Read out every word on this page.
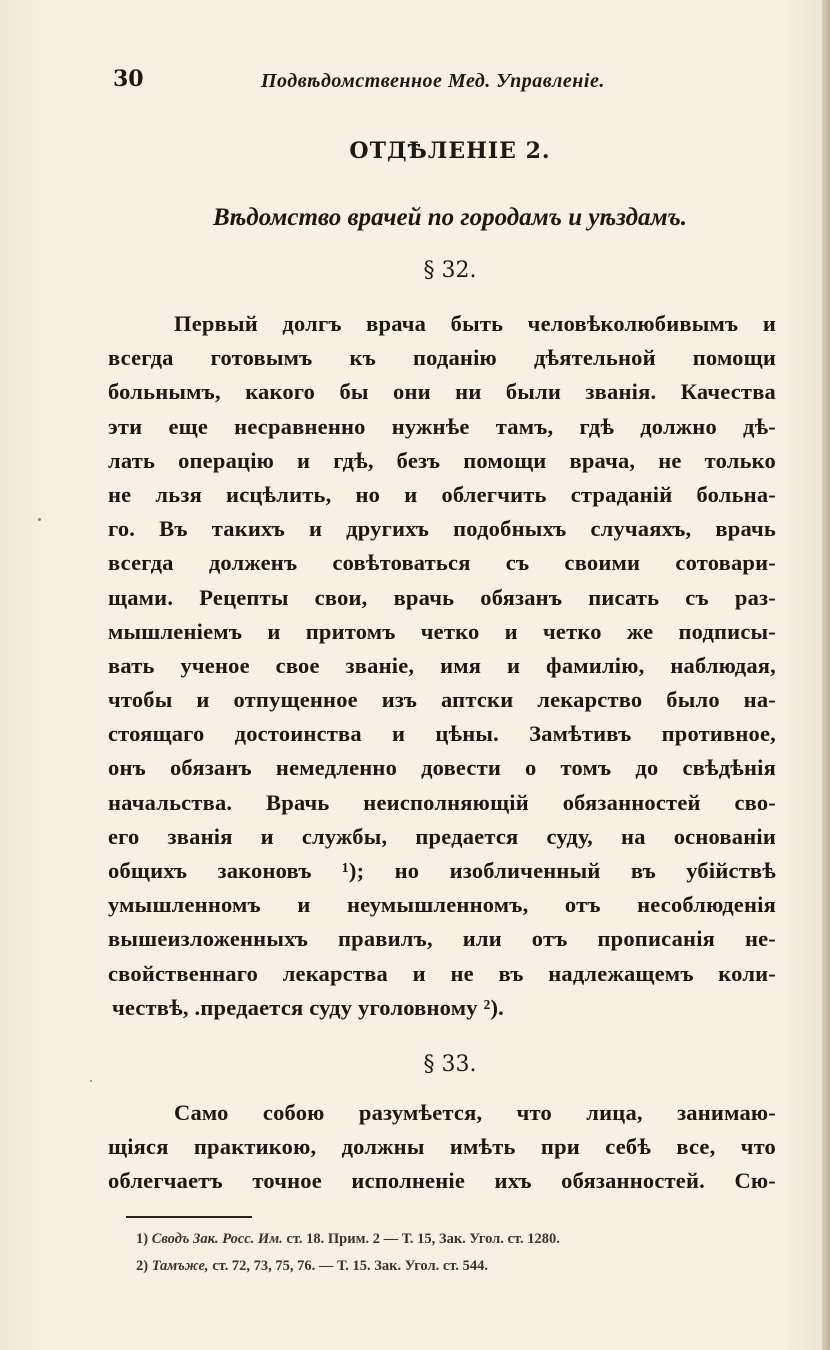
30	Подвѣдомственное Мед. Управленіе.
ОТДѢЛЕНІЕ 2.
Вѣдомство врачей по городамъ и уѣздамъ.
§ 32.
Первый долгъ врача быть человѣколюбивымъ и
всегда готовымъ къ поданію дѣятельной помощи
больнымъ, какого бы они ни были званія. Качества
эти еще несравненно нужнѣе тамъ, гдѣ должно дѣ-
лать операцію и гдѣ, безъ помощи врача, не только
не льзя исцѣлить, но и облегчить страданій больна-
го. Въ такихъ и другихъ подобныхъ случаяхъ, врачь
всегда долженъ совѣтоваться съ своими сотовари-
щами. Рецепты свои, врачь обязанъ писать съ раз-
мышленіемъ и притомъ четко и четко же подписы-
вать ученое свое званіе, имя и фамилію, наблюдая,
чтобы и отпущенное изъ аптски лекарство было на-
стоящаго достоинства и цѣны. Замѣтивъ противное,
онъ обязанъ немедленно довести о томъ до свѣдѣнія
начальства. Врачь неисполняющій обязанностей сво-
его званія и службы, предается суду, на основаніи
общихъ законовъ ¹); но изобличенный въ убійствѣ
умышленномъ и неумышленномъ, отъ несоблюденія
вышеизложенныхъ правилъ, или отъ прописанія не-
свойственнаго лекарства и не въ надлежащемъ коли-
чествѣ, .предается суду уголовному ²).
§ 33.
Само собою разумѣется, что лица, занимаю-
щіяся практикою, должны имѣть при себѣ все, что
облегчаетъ точное исполненіе ихъ обязанностей. Сю-
1) Сводъ Зак. Росс. Им. ст. 18. Прим. 2 — Т. 15, Зак. Угол. ст. 1280.
2) Тамъже, ст. 72, 73, 75, 76. — Т. 15. Зак. Угол. ст. 544.
